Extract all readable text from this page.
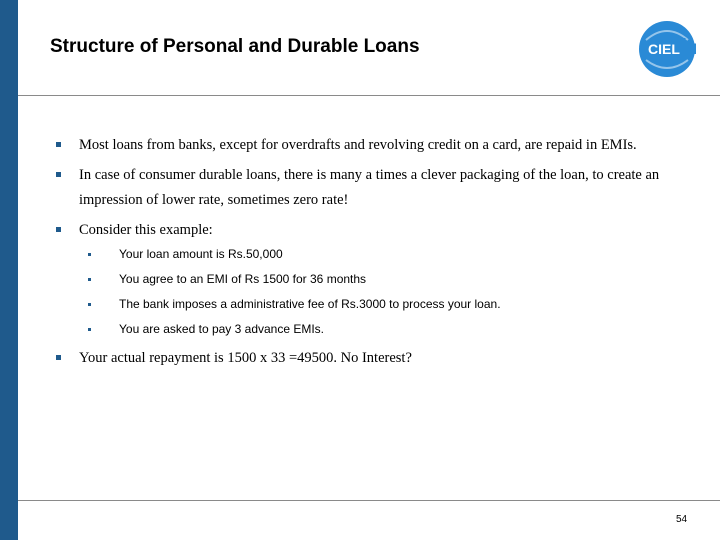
Structure of Personal and Durable Loans	CIEL
Most loans from banks, except for overdrafts and revolving credit on a card, are repaid in EMIs.
In case of consumer durable loans, there is many a times a clever packaging of the loan, to create an impression of lower rate, sometimes zero rate!
Consider this example:
Your loan amount is Rs.50,000
You agree to an EMI of Rs 1500 for 36 months
The bank imposes a administrative fee of Rs.3000 to process your loan.
You are asked to pay 3 advance EMIs.
Your actual repayment is 1500 x 33 =49500. No Interest?
54
